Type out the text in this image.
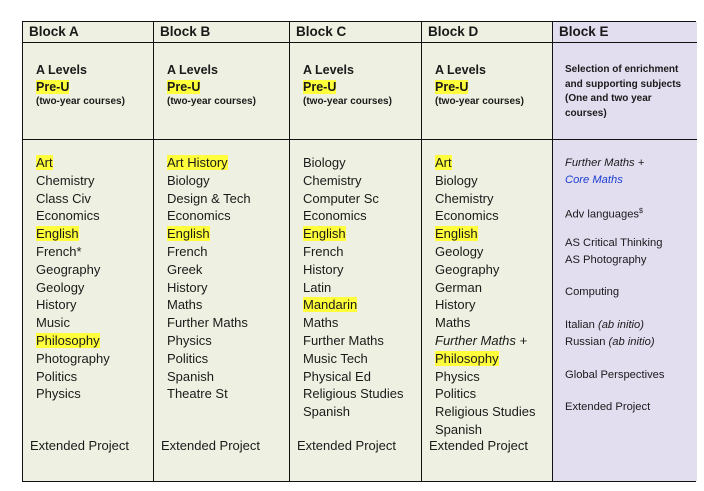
Block A
A Levels
Pre-U
(two-year courses)
Art
Chemistry
Class Civ
Economics
English
French*
Geography
Geology
History
Music
Philosophy
Photography
Politics
Physics
Extended Project
Block B
A Levels
Pre-U
(two-year courses)
Art History
Biology
Design & Tech
Economics
English
French
Greek
History
Maths
Further Maths
Physics
Politics
Spanish
Theatre St
Extended Project
Block C
A Levels
Pre-U
(two-year courses)
Biology
Chemistry
Computer Sc
Economics
English
French
History
Latin
Mandarin
Maths
Further Maths
Music Tech
Physical Ed
Religious Studies
Spanish
Extended Project
Block D
A Levels
Pre-U
(two-year courses)
Art
Biology
Chemistry
Economics
English
Geology
Geography
German
History
Maths
Further Maths +
Philosophy
Physics
Politics
Religious Studies
Spanish
Extended Project
Block E
Selection of enrichment and supporting subjects (One and two year courses)
Further Maths +
Core Maths
Adv languages$
AS Critical Thinking
AS Photography
Computing
Italian (ab initio)
Russian (ab initio)
Global Perspectives
Extended Project
